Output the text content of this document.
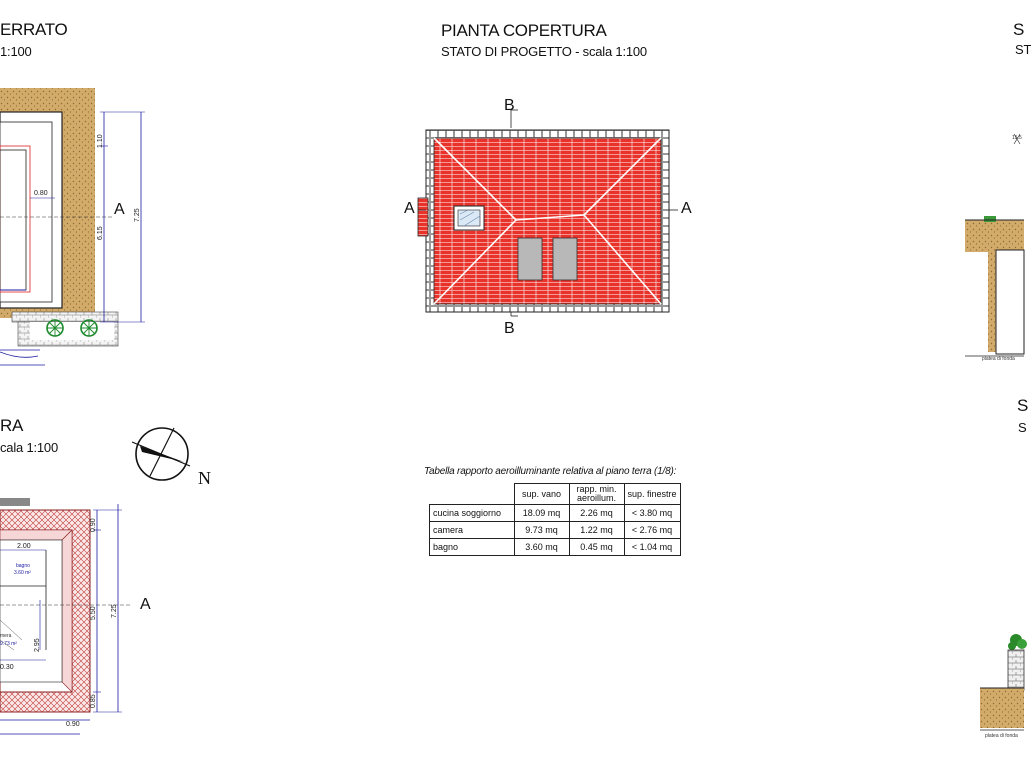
ERRATO
1:100
PIANTA COPERTURA
STATO DI PROGETTO - scala 1:100
S
ST
RA
cala 1:100
S
S
1.10
0.80
6.15
7.25
A
B
B
A	A
N
0.90
2.00
bagno
3.60 m²
2.95
mera
9.73 m²
0.30
5.50 7.25
0.85
0.90
A
Tabella rapporto aeroilluminante relativa al piano terra (1/8):
	sup. vano	rapp. min. aeroillum.	sup. finestre
cucina soggiorno	18.09 mq	2.26 mq	< 3.80 mq
camera	9.73 mq	1.22 mq	< 2.76 mq
bagno	3.60 mq	0.45 mq	< 1.04 mq
15.5
platea di fonda
platea di fonda
